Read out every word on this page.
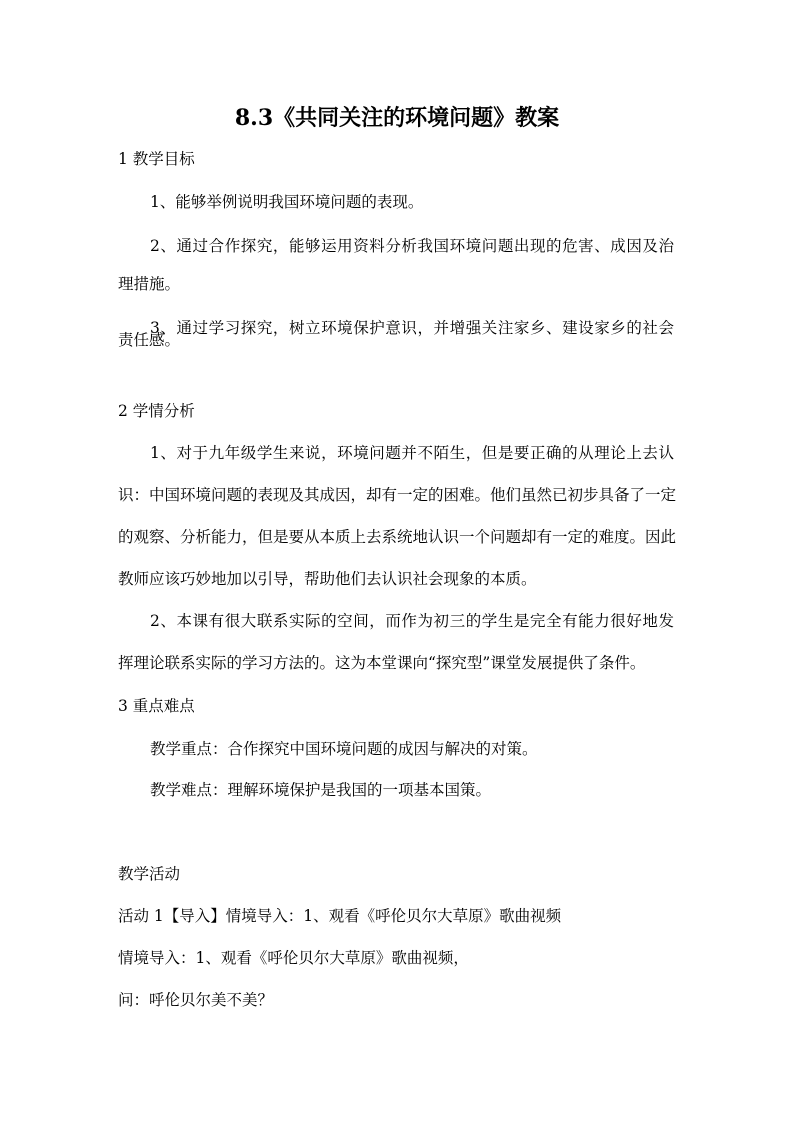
8.3《共同关注的环境问题》教案
1 教学目标
1、能够举例说明我国环境问题的表现。
2、通过合作探究，能够运用资料分析我国环境问题出现的危害、成因及治
理措施。
3、通过学习探究，树立环境保护意识，并增强关注家乡、建设家乡的社会
责任感。
2 学情分析
1、对于九年级学生来说，环境问题并不陌生，但是要正确的从理论上去认
识：中国环境问题的表现及其成因，却有一定的困难。他们虽然已初步具备了一定
的观察、分析能力，但是要从本质上去系统地认识一个问题却有一定的难度。因此
教师应该巧妙地加以引导，帮助他们去认识社会现象的本质。
2、本课有很大联系实际的空间，而作为初三的学生是完全有能力很好地发
挥理论联系实际的学习方法的。这为本堂课向“探究型”课堂发展提供了条件。
3 重点难点
教学重点：合作探究中国环境问题的成因与解决的对策。
教学难点：理解环境保护是我国的一项基本国策。
教学活动
活动 1【导入】情境导入：1、观看《呼伦贝尔大草原》歌曲视频
情境导入：1、观看《呼伦贝尔大草原》歌曲视频，
问：呼伦贝尔美不美？
